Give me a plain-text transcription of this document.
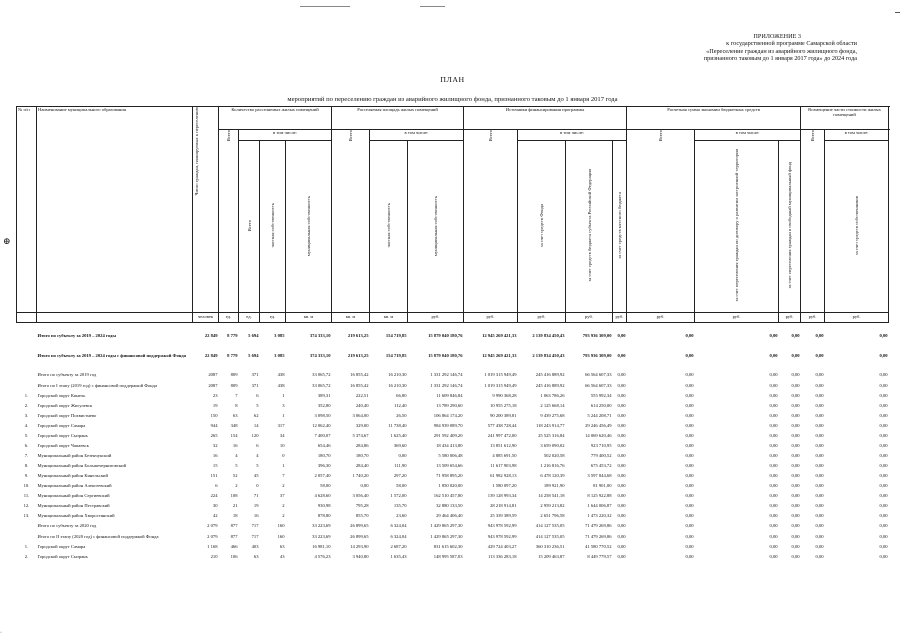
⊕
ПРИЛОЖЕНИЕ 3
к государственной программе Самарской области
«Переселение граждан из аварийного жилищного фонда,
признанного таковым до 1 января 2017 года» до 2024 года
ПЛАН
мероприятий по переселению граждан из аварийного жилищного фонда, признанного таковым до 1 января 2017 года
№ п/п	Наименование муниципального образования	Число граждан, планируемых к переселению	Количество расселяемых жилых помещений				Расселяемая площадь жилых помещений			Источники финансирования программы				Расчетная сумма экономии бюджетных средств			Возмещение части стоимости жилых помещений		
			Всего	в том числе:			Всего	в том числе:		Всего	в том числе:			Всего	в том числе:		Всего	в том числе:	
				Всего	частная собственность	муниципальная собственность		частная собственность	муниципальная собственность		за счет средств Фонда	за счет средств бюджета субъекта Российской Федерации	за счет средств местного бюджета		за счет переселения граждан по договору о развитии застроенной территории	за счет переселения граждан в свободный муниципальный фонд		за счет средств собственников	
		человек	ед.	ед.	ед.	кв. м	кв. м	кв. м	руб.	руб.	руб.	руб.	руб.	руб.	руб.	руб.	руб.	руб.	

	Итого по субъекту за 2019 – 2024 годы	22 849	8 779	5 694	3 085	374 333,10	219 613,25	154 719,85	15 879 040 180,76	12 945 269 421,33	2 139 834 450,43	793 936 309,00	0,00	0,00	0,00	0,00	0,00	0,00	

	Итого по субъекту за 2019 – 2024 годы с финансовой поддержкой Фонда	22 849	8 779	5 694	3 085	374 333,10	219 613,25	154 719,85	15 879 040 180,76	12 945 269 421,33	2 139 834 450,43	793 936 309,00	0,00	0,00	0,00	0,00	0,00	0,00	

	Итого по субъекту за 2019 год	2087	809	371	438	33 065,72	16 855,42	16 210,30	1 331 292 146,74	1 019 315 949,49	245 416 889,92	66 564 607,33	0,00	0,00	0,00	0,00	0,00	0,00	
	Итого по I этапу (2019 год) с финансовой поддержкой Фонда	2087	809	371	438	33 065,72	16 855,42	16 210,30	1 331 292 146,74	1 019 315 949,49	245 416 889,92	66 564 607,33	0,00	0,00	0,00	0,00	0,00	0,00	
1.	Городской округ Кинель	23	7	6	1	389,31	222,51	66,80	11 609 846,84	9 990 368,28	1 063 786,26	555 992,34	0,00	0,00	0,00	0,00	0,00	0,00	
2.	Городской округ Жигулевск	19	8	5	3	352,80	240,40	112,40	13 789 290,60	10 955 275,18	2 125 668,14	614 250,00	0,00	0,00	0,00	0,00	0,00	0,00	
3.	Городской округ Похвистнево	150	63	62	1	3 098,50	3 064,00	26,50	106 864 174,20	90 200 389,81	9 439 275,68	5 244 208,71	0,00	0,00	0,00	0,00	0,00	0,00	
4.	Городской округ Самара	944	348	14	317	12 062,40	329,00	11 738,40	984 939 089,70	577 438 728,44	118 243 914,77	29 246 456,49	0,00	0,00	0,00	0,00	0,00	0,00	
5.	Городской округ Сызрань	265	154	120	34	7 400,07	5 374,67	1 625,40	291 592 409,20	241 997 472,00	25 525 316,84	14 069 620,46	0,00	0,00	0,00	0,00	0,00	0,00	
6.	Городской округ Чапаевск	32	16	6	10	654,46	284,86	369,60	18 434 413,80	13 851 612,90	3 659 090,02	923 710,95	0,00	0,00	0,00	0,00	0,00	0,00	
7.	Муниципальный район Безенчукский	16	4	4	0	180,70	180,70	0,00	5 580 006,48	4 885 691,50	502 020,58	779 400,52	0,00	0,00	0,00	0,00	0,00	0,00	
8.	Муниципальный район Большечерниговский	15	5	5	1	396,30	284,40	111,90	13 509 654,66	11 617 903,98	1 216 816,76	675 453,72	0,00	0,00	0,00	0,00	0,00	0,00	
9.	Муниципальный район Кинельский	151	52	45	7	2 057,40	1 740,20	297,20	71 958 895,20	61 982 928,13	6 478 120,39	3 597 844,68	0,00	0,00	0,00	0,00	0,00	0,00	
10.	Муниципальный район Алексеевский	6	2	0	2	58,00	0,00	58,00	1 850 020,00	1 580 097,20	189 921,90	81 901,00	0,00	0,00	0,00	0,00	0,00	0,00	
11.	Муниципальный район Сергиевский	224	108	71	37	4 628,60	3 056,40	1 572,00	162 510 457,80	139 128 993,34	14 258 541,18	8 125 922,88	0,00	0,00	0,00	0,00	0,00	0,00	
12.	Муниципальный район Пестравский	30	21	19	2	930,98	795,28	135,70	32 880 133,50	28 218 914,81	2 959 213,82	1 644 006,87	0,00	0,00	0,00	0,00	0,00	0,00	
13.	Муниципальный район Хворостянский	42	18	16	2	878,80	855,70	23,60	29 464 406,40	25 339 389,59	2 651 796,58	1 473 220,32	0,00	0,00	0,00	0,00	0,00	0,00	
	Итого по субъекту за 2020 год	2 079	877	717	160	33 223,69	26 899,65	6 324,04	1 429 865 297,30	943 978 592,99	414 127 535,05	71 479 269,86	0,00	0,00	0,00	0,00	0,00	0,00	
	Итого по II этапу (2020 год) с финансовой поддержкой Фонда	2 079	877	717	160	33 223,69	26 899,65	6 324,04	1 429 865 297,30	943 978 592,99	414 127 535,05	71 479 269,86	0,00	0,00	0,00	0,00	0,00	0,00	
1.	Городской округ Самара	1 168	466	403	63	16 981,10	14 293,90	2 687,20	831 615 602,30	429 724 403,27	360 310 236,51	41 580 770,52	0,00	0,00	0,00	0,00	0,00	0,00	
2.	Городской округ Сызрань	210	106	63	43	4 576,23	3 940,80	1 635,43	148 995 587,03	113 336 283,18	15 209 463,87	8 449 779,57	0,00	0,00	0,00	0,00	0,00	0,00	
·
